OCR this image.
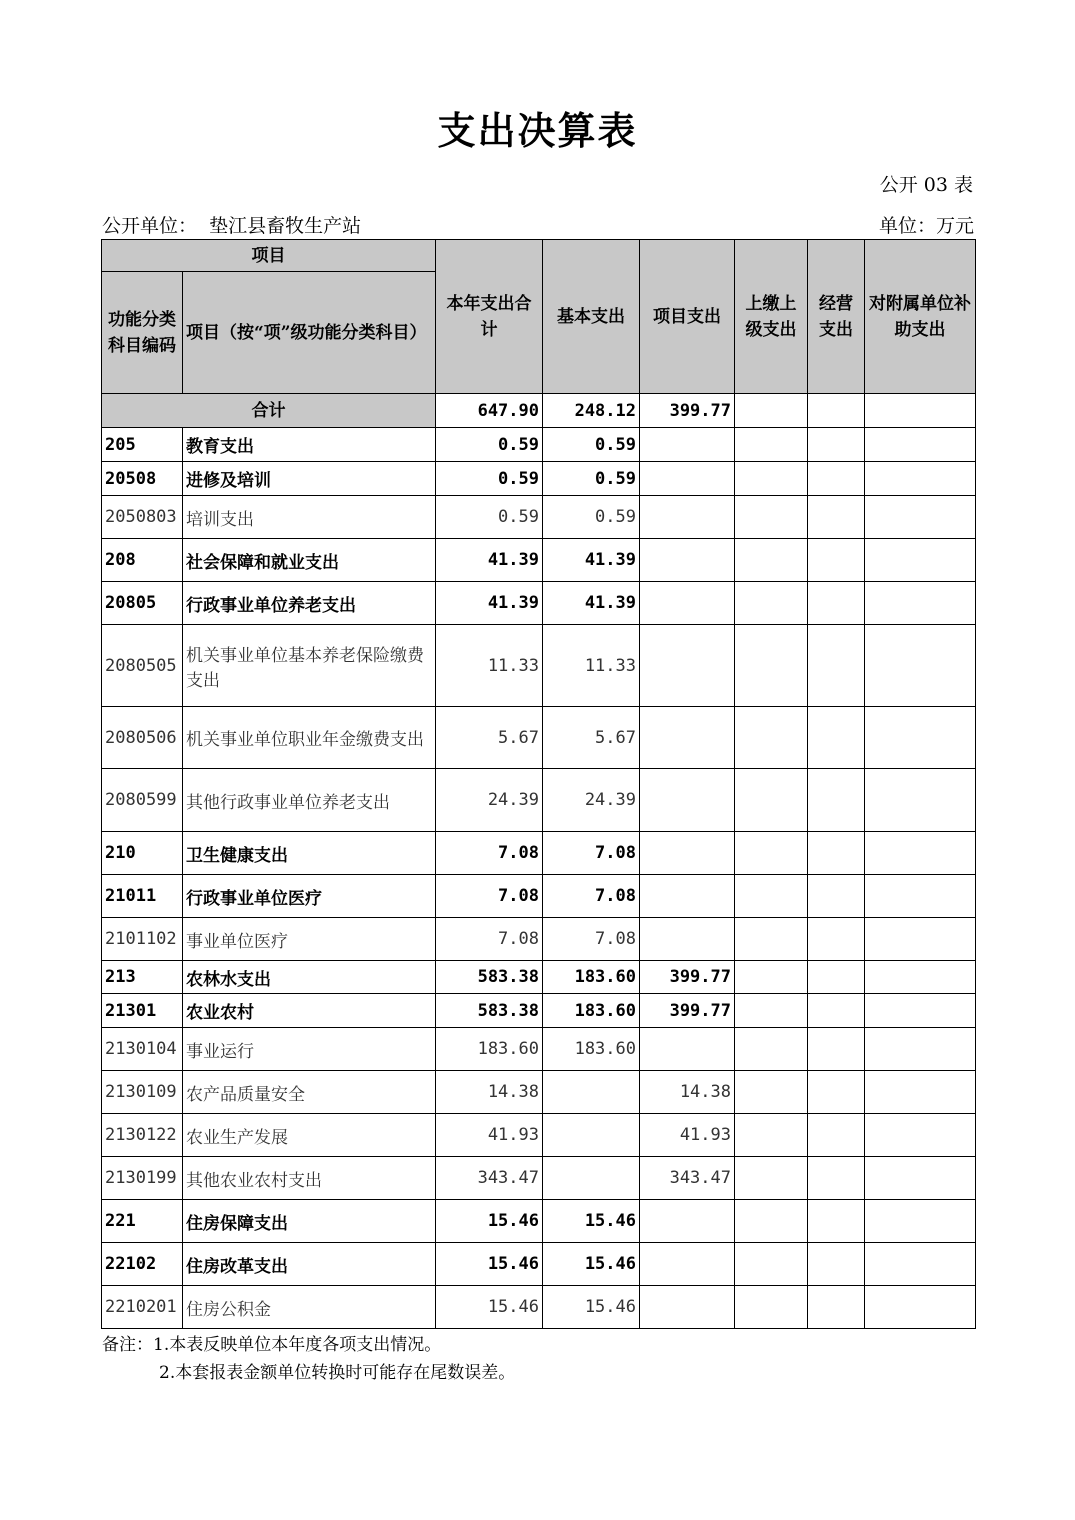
支出决算表
公开 03 表
公开单位： 垫江县畜牧生产站	单位：万元
项目		本年支出合计	基本支出	项目支出	上缴上级支出	经营支出	对附属单位补助支出
功能分类科目编码	项目（按“项”级功能分类科目）						
合计		647.90	248.12	399.77			
205	教育支出	0.59	0.59				
20508	进修及培训	0.59	0.59				
2050803	培训支出	0.59	0.59				
208	社会保障和就业支出	41.39	41.39				
20805	行政事业单位养老支出	41.39	41.39				
2080505	机关事业单位基本养老保险缴费支出	11.33	11.33				
2080506	机关事业单位职业年金缴费支出	5.67	5.67				
2080599	其他行政事业单位养老支出	24.39	24.39				
210	卫生健康支出	7.08	7.08				
21011	行政事业单位医疗	7.08	7.08				
2101102	事业单位医疗	7.08	7.08				
213	农林水支出	583.38	183.60	399.77			
21301	农业农村	583.38	183.60	399.77			
2130104	事业运行	183.60	183.60				
2130109	农产品质量安全	14.38		14.38			
2130122	农业生产发展	41.93		41.93			
2130199	其他农业农村支出	343.47		343.47			
221	住房保障支出	15.46	15.46				
22102	住房改革支出	15.46	15.46				
2210201	住房公积金	15.46	15.46				
备注：1.本表反映单位本年度各项支出情况。
2.本套报表金额单位转换时可能存在尾数误差。
